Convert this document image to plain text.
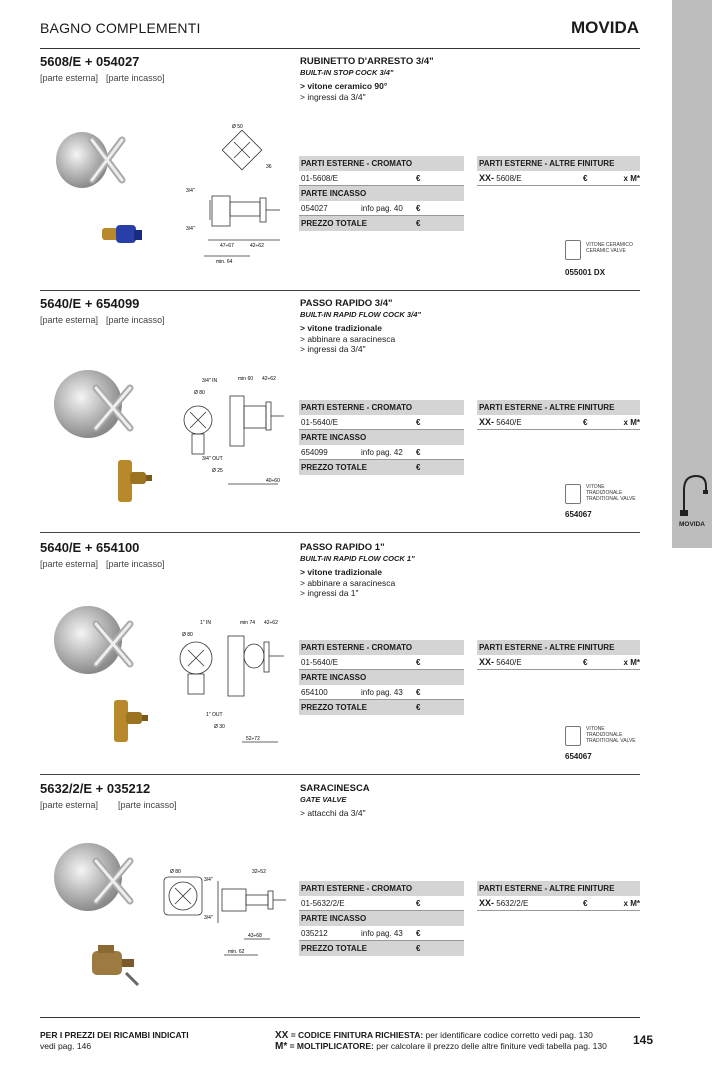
MOVIDA
BAGNO COMPLEMENTI	MOVIDA
5608/E + 054027
[parte esterna] [parte incasso]
RUBINETTO D'ARRESTO 3/4"
BUILT-IN STOP COCK 3/4"
> vitone ceramico 90°
> ingressi da 3/4"
Ø 50
36
3/4"
3/4"
47÷67	42÷62
min. 64
PARTI ESTERNE - CROMATO
01-5608/E	€
PARTE INCASSO
054027	info pag. 40 €
PREZZO TOTALE	€
PARTI ESTERNE - ALTRE FINITURE
XX- 5608/E	€	x M*
VITONE CERAMICO
CERAMIC VALVE
055001 DX
5640/E + 654099
[parte esterna] [parte incasso]
PASSO RAPIDO 3/4"
BUILT-IN RAPID FLOW COCK 3/4"
> vitone tradizionale
> abbinare a saracinesca
> ingressi da 3/4"
3/4" IN	min 60 42÷62
Ø 80
3/4" OUT
Ø 25
40÷60
PARTI ESTERNE - CROMATO
01-5640/E	€
PARTE INCASSO
654099	info pag. 42 €
PREZZO TOTALE	€
PARTI ESTERNE - ALTRE FINITURE
XX- 5640/E	€	x M*
VITONE
TRADIZIONALE
TRADITIONAL VALVE
654067
5640/E + 654100
[parte esterna] [parte incasso]
PASSO RAPIDO 1"
BUILT-IN RAPID FLOW COCK 1"
> vitone tradizionale
> abbinare a saracinesca
> ingressi da 1"
1" IN	min 74 42÷62
Ø 80
1" OUT
Ø 30
52÷72
PARTI ESTERNE - CROMATO
01-5640/E	€
PARTE INCASSO
654100	info pag. 43 €
PREZZO TOTALE	€
PARTI ESTERNE - ALTRE FINITURE
XX- 5640/E	€	x M*
VITONE
TRADIZIONALE
TRADITIONAL VALVE
654067
5632/2/E + 035212
[parte esterna] [parte incasso]
SARACINESCA
GATE VALVE
> attacchi da 3/4"
Ø 80
3/4"
3/4"
32÷52
43÷68
min. 62
PARTI ESTERNE - CROMATO
01-5632/2/E	€
PARTE INCASSO
035212	info pag. 43 €
PREZZO TOTALE	€
PARTI ESTERNE - ALTRE FINITURE
XX- 5632/2/E	€	x M*
PER I PREZZI DEI RICAMBI INDICATI
vedi pag. 146
XX = CODICE FINITURA RICHIESTA: per identificare codice corretto vedi pag. 130
M* = MOLTIPLICATORE: per calcolare il prezzo delle altre finiture vedi tabella pag. 130 145
